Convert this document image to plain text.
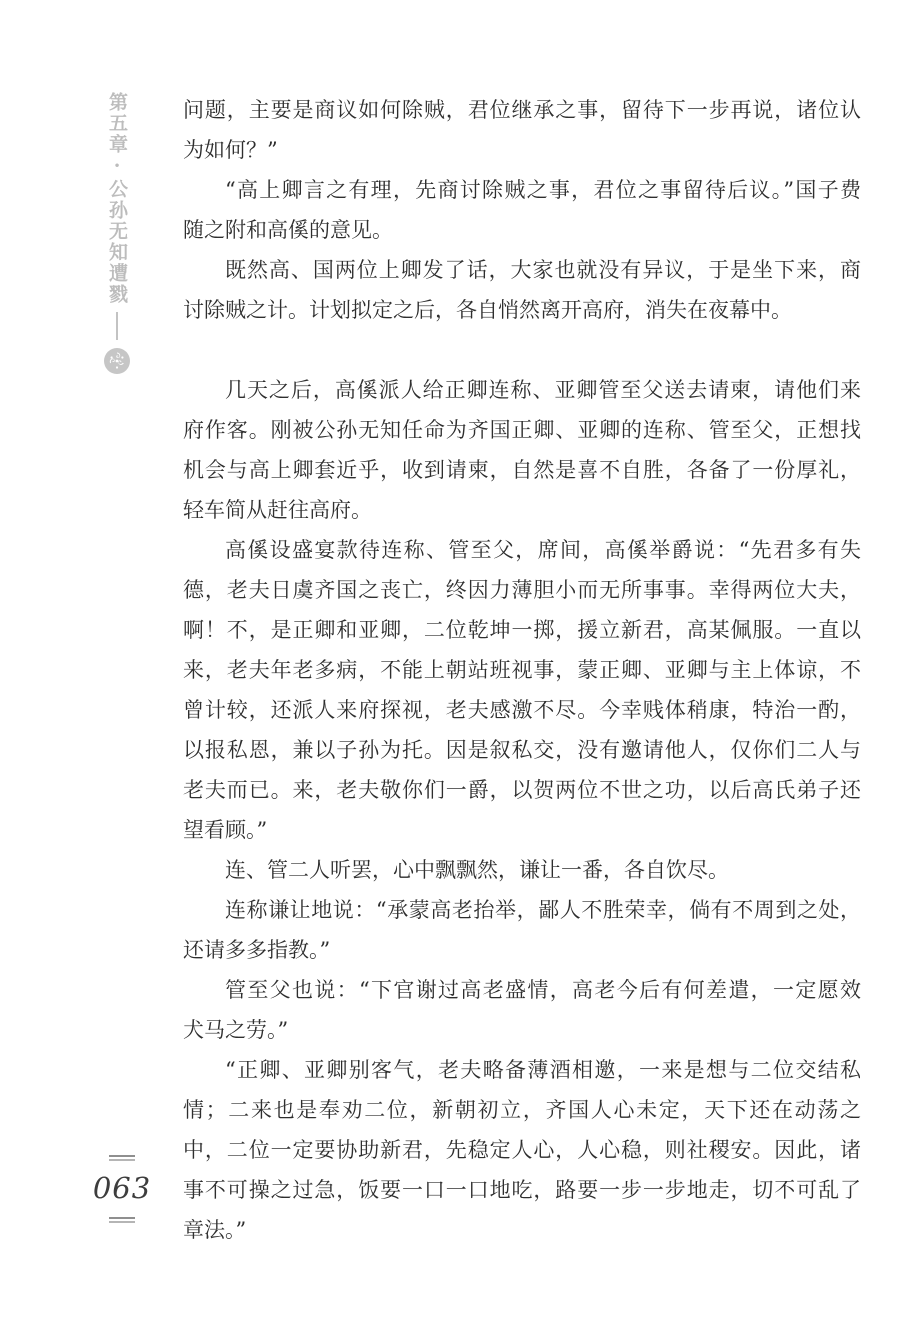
第五章·公孙无知遭戮	问题，主要是商议如何除贼，君位继承之事，留待下一步再说，诸位认
为如何？”
“高上卿言之有理，先商讨除贼之事，君位之事留待后议。”国子费
随之附和高傒的意见。
既然高、国两位上卿发了话，大家也就没有异议，于是坐下来，商
讨除贼之计。计划拟定之后，各自悄然离开高府，消失在夜幕中。
几天之后，高傒派人给正卿连称、亚卿管至父送去请柬，请他们来
府作客。刚被公孙无知任命为齐国正卿、亚卿的连称、管至父，正想找
机会与高上卿套近乎，收到请柬，自然是喜不自胜，各备了一份厚礼，
轻车简从赶往高府。
高傒设盛宴款待连称、管至父，席间，高傒举爵说：“先君多有失
德，老夫日虞齐国之丧亡，终因力薄胆小而无所事事。幸得两位大夫，
啊！不，是正卿和亚卿，二位乾坤一掷，援立新君，高某佩服。一直以
来，老夫年老多病，不能上朝站班视事，蒙正卿、亚卿与主上体谅，不
曾计较，还派人来府探视，老夫感激不尽。今幸贱体稍康，特治一酌，
以报私恩，兼以子孙为托。因是叙私交，没有邀请他人，仅你们二人与
老夫而已。来，老夫敬你们一爵，以贺两位不世之功，以后高氏弟子还
望看顾。”
连、管二人听罢，心中飘飘然，谦让一番，各自饮尽。
连称谦让地说：“承蒙高老抬举，鄙人不胜荣幸，倘有不周到之处，
还请多多指教。”
管至父也说：“下官谢过高老盛情，高老今后有何差遣，一定愿效
犬马之劳。”
“正卿、亚卿别客气，老夫略备薄酒相邀，一来是想与二位交结私
情；二来也是奉劝二位，新朝初立，齐国人心未定，天下还在动荡之
中，二位一定要协助新君，先稳定人心，人心稳，则社稷安。因此，诸
事不可操之过急，饭要一口一口地吃，路要一步一步地走，切不可乱了
章法。”
063
